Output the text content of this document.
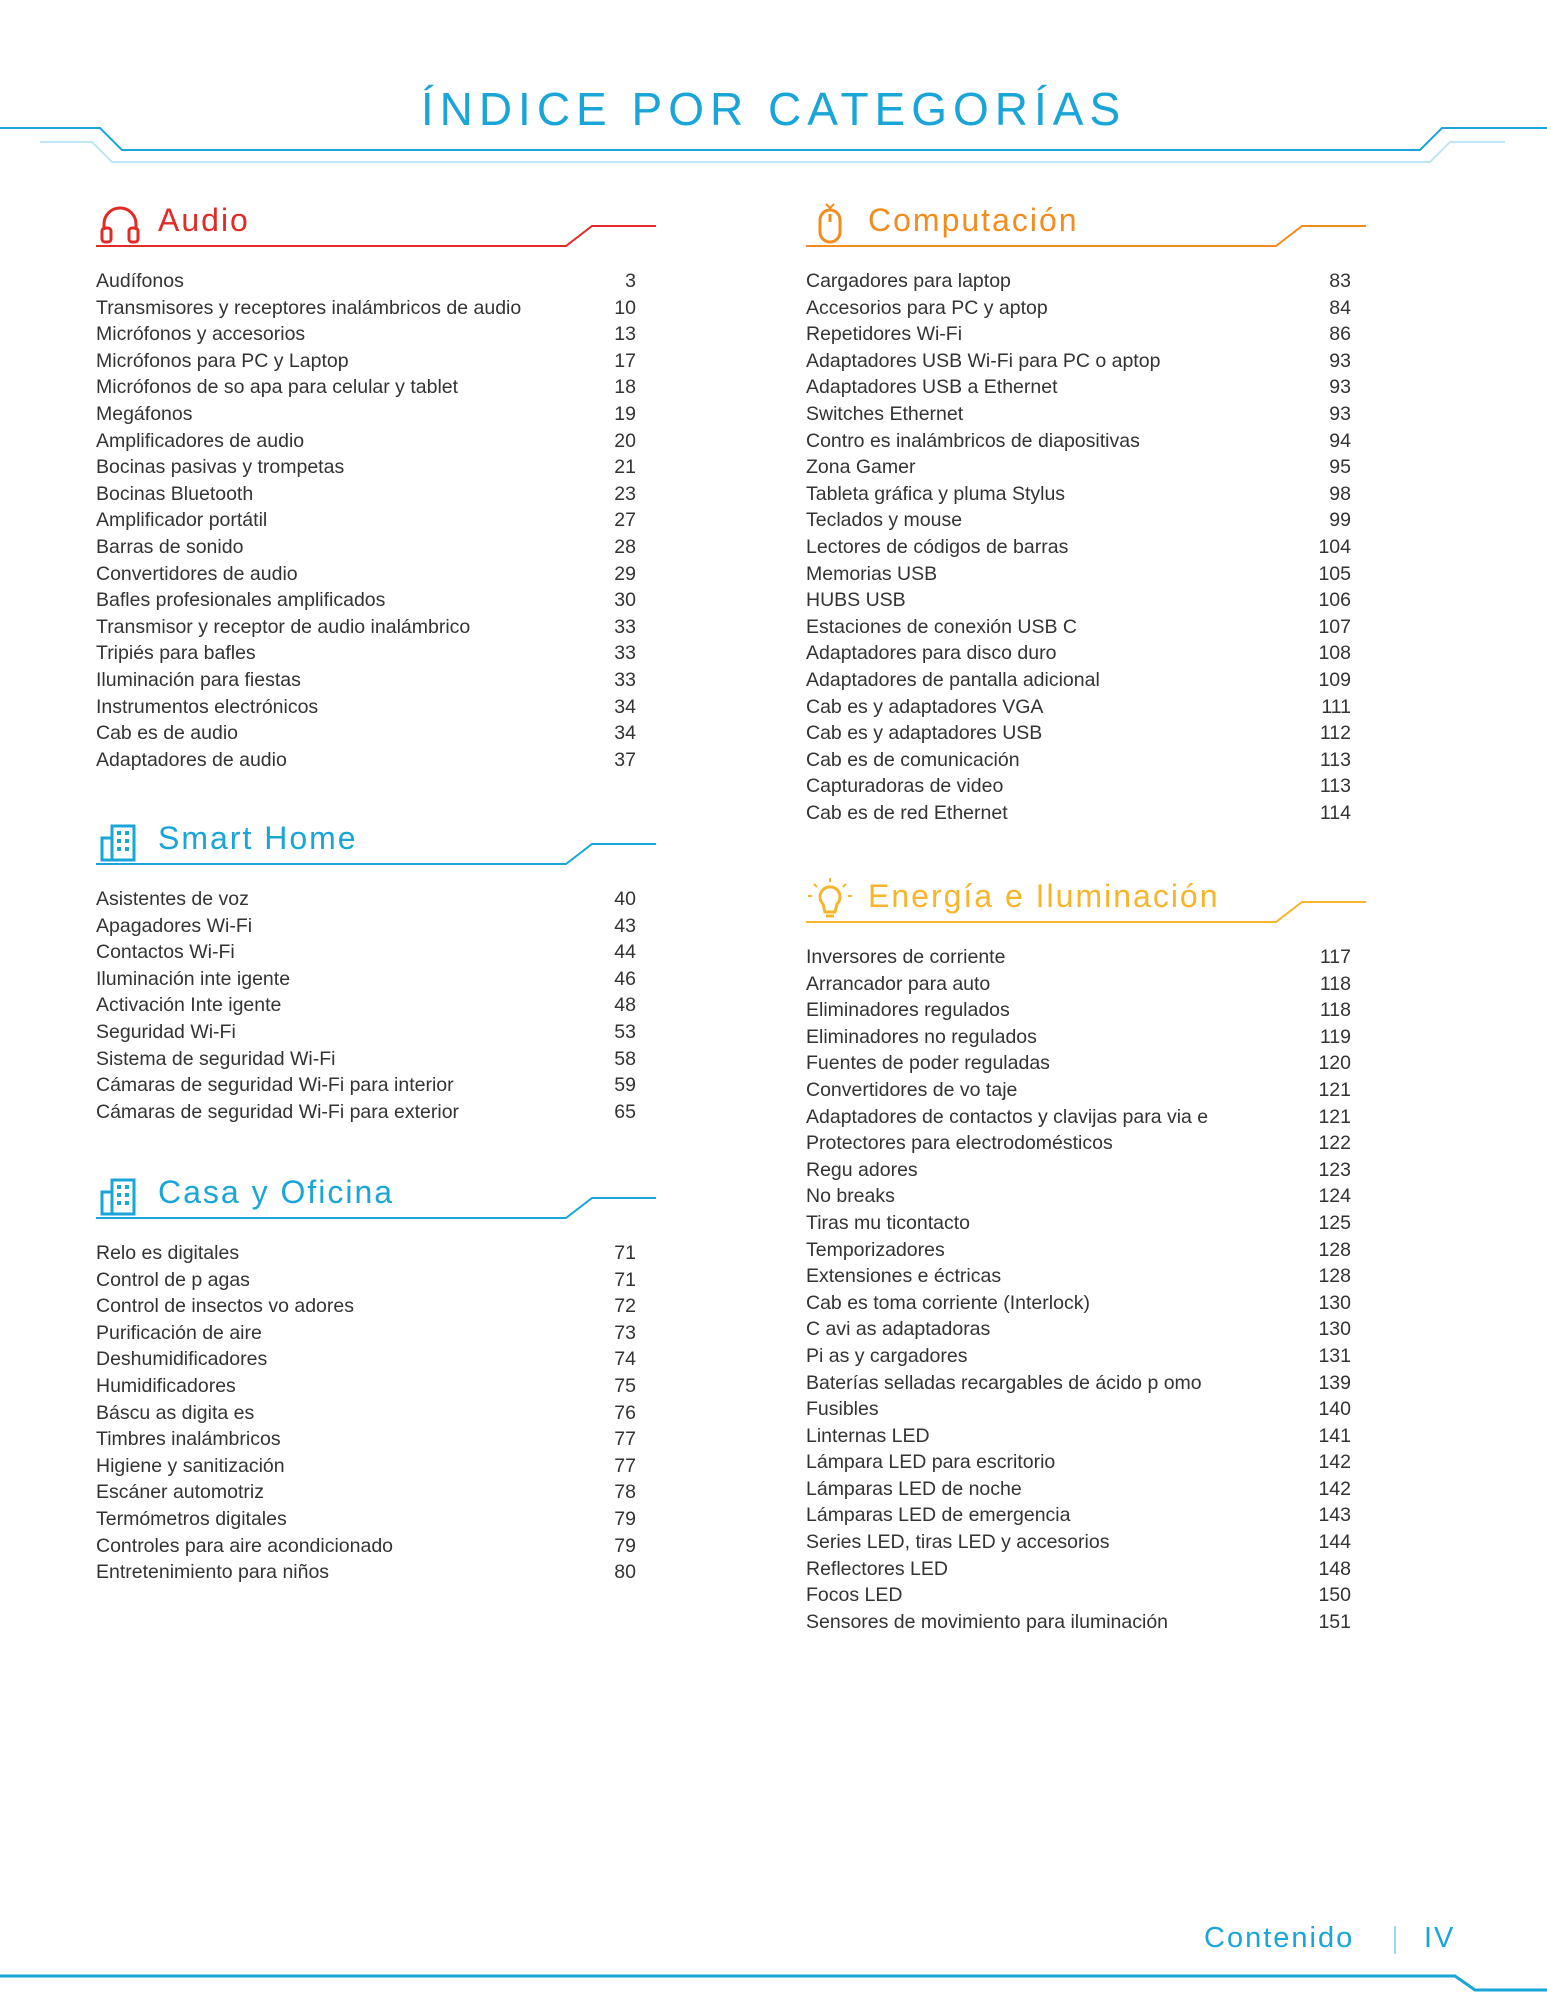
ÍNDICE POR CATEGORÍAS
Audio
Audífonos	3
Transmisores y receptores inalámbricos de audio	10
Micrófonos y accesorios	13
Micrófonos para PC y Laptop	17
Micrófonos de so apa para celular y tablet	18
Megáfonos	19
Amplificadores de audio	20
Bocinas pasivas y trompetas	21
Bocinas Bluetooth	23
Amplificador portátil	27
Barras de sonido	28
Convertidores de audio	29
Bafles profesionales amplificados	30
Transmisor y receptor de audio inalámbrico	33
Tripiés para bafles	33
Iluminación para fiestas	33
Instrumentos electrónicos	34
Cab es de audio	34
Adaptadores de audio	37
Smart Home
Asistentes de voz	40
Apagadores Wi-Fi	43
Contactos Wi-Fi	44
Iluminación inte igente	46
Activación Inte igente	48
Seguridad Wi-Fi	53
Sistema de seguridad Wi-Fi	58
Cámaras de seguridad Wi-Fi para interior	59
Cámaras de seguridad Wi-Fi para exterior	65
Casa y Oficina
Relo es digitales	71
Control de p agas	71
Control de insectos vo adores	72
Purificación de aire	73
Deshumidificadores	74
Humidificadores	75
Báscu as digita es	76
Timbres inalámbricos	77
Higiene y sanitización	77
Escáner automotriz	78
Termómetros digitales	79
Controles para aire acondicionado	79
Entretenimiento para niños	80
Computación
Cargadores para laptop	83
Accesorios para PC y aptop	84
Repetidores Wi-Fi	86
Adaptadores USB Wi-Fi para PC o aptop	93
Adaptadores USB a Ethernet	93
Switches Ethernet	93
Contro es inalámbricos de diapositivas	94
Zona Gamer	95
Tableta gráfica y pluma Stylus	98
Teclados y mouse	99
Lectores de códigos de barras	104
Memorias USB	105
HUBS USB	106
Estaciones de conexión USB C	107
Adaptadores para disco duro	108
Adaptadores de pantalla adicional	109
Cab es y adaptadores VGA	111
Cab es y adaptadores USB	112
Cab es de comunicación	113
Capturadoras de video	113
Cab es de red Ethernet	114
Energía e Iluminación
Inversores de corriente	117
Arrancador para auto	118
Eliminadores regulados	118
Eliminadores no regulados	119
Fuentes de poder reguladas	120
Convertidores de vo taje	121
Adaptadores de contactos y clavijas para via e	121
Protectores para electrodomésticos	122
Regu adores	123
No breaks	124
Tiras mu ticontacto	125
Temporizadores	128
Extensiones e éctricas	128
Cab es toma corriente (Interlock)	130
C avi as adaptadoras	130
Pi as y cargadores	131
Baterías selladas recargables de ácido p omo	139
Fusibles	140
Linternas LED	141
Lámpara LED para escritorio	142
Lámparas LED de noche	142
Lámparas LED de emergencia	143
Series LED, tiras LED y accesorios	144
Reflectores LED	148
Focos LED	150
Sensores de movimiento para iluminación	151
Contenido IV
